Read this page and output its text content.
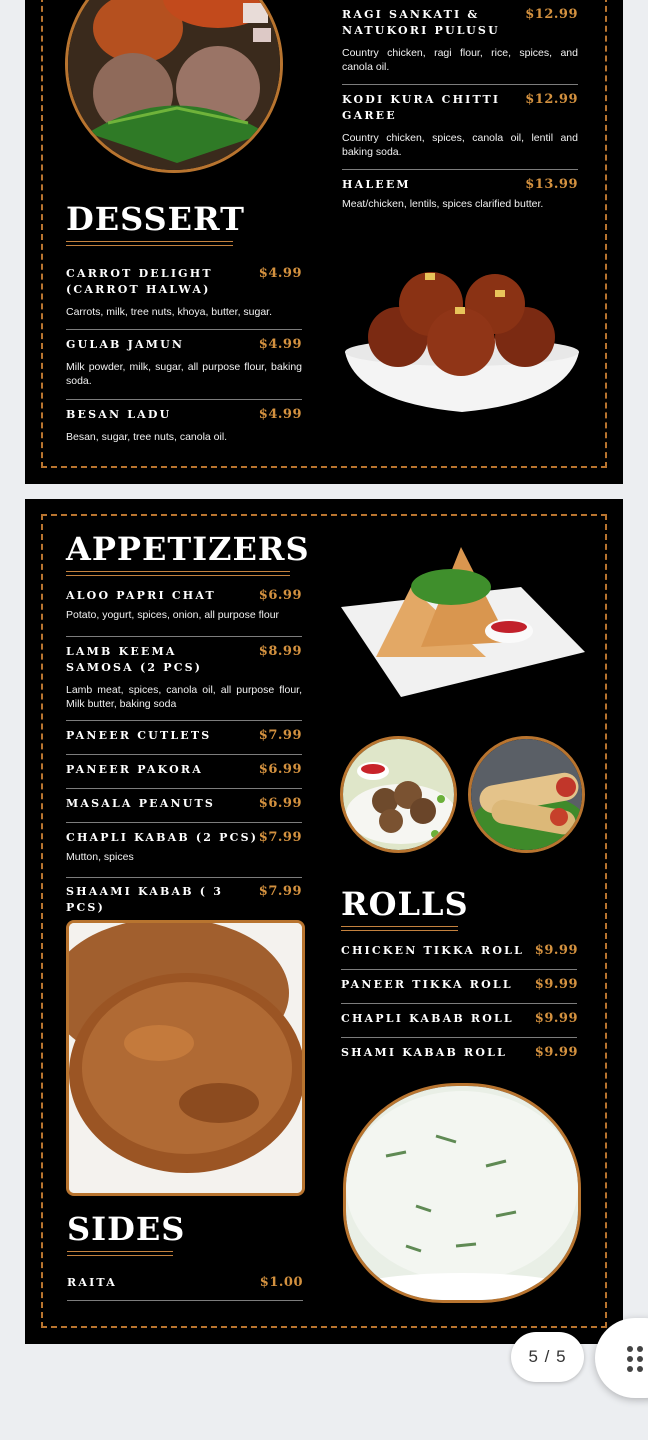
RAGI SANKATI & NATUKORI PULUSU
$12.99
Country chicken, ragi flour, rice, spices, and canola oil.
KODI KURA CHITTI GAREE
$12.99
Country chicken, spices, canola oil, lentil and baking soda.
HALEEM	$13.99
Meat/chicken, lentils, spices clarified butter.
DESSERT
CARROT DELIGHT (CARROT HALWA)
$4.99
Carrots, milk, tree nuts, khoya, butter, sugar.
GULAB JAMUN	$4.99
Milk powder, milk, sugar, all purpose flour, baking soda.
BESAN LADU	$4.99
Besan, sugar, tree nuts, canola oil.
APPETIZERS
ALOO PAPRI CHAT	$6.99
Potato, yogurt, spices, onion, all purpose flour
LAMB KEEMA SAMOSA (2 PCS)
$8.99
Lamb meat, spices, canola oil, all purpose flour, Milk butter, baking soda
PANEER CUTLETS	$7.99
PANEER PAKORA	$6.99
MASALA PEANUTS	$6.99
CHAPLI KABAB (2 PCS) $7.99
Mutton, spices
SHAAMI KABAB ( 3 PCS)
$7.99 ROLLS
CHICKEN TIKKA ROLL $9.99
PANEER TIKKA ROLL $9.99
CHAPLI KABAB ROLL $9.99
SHAMI KABAB ROLL $9.99
SIDES
RAITA	$1.00
5 / 5
